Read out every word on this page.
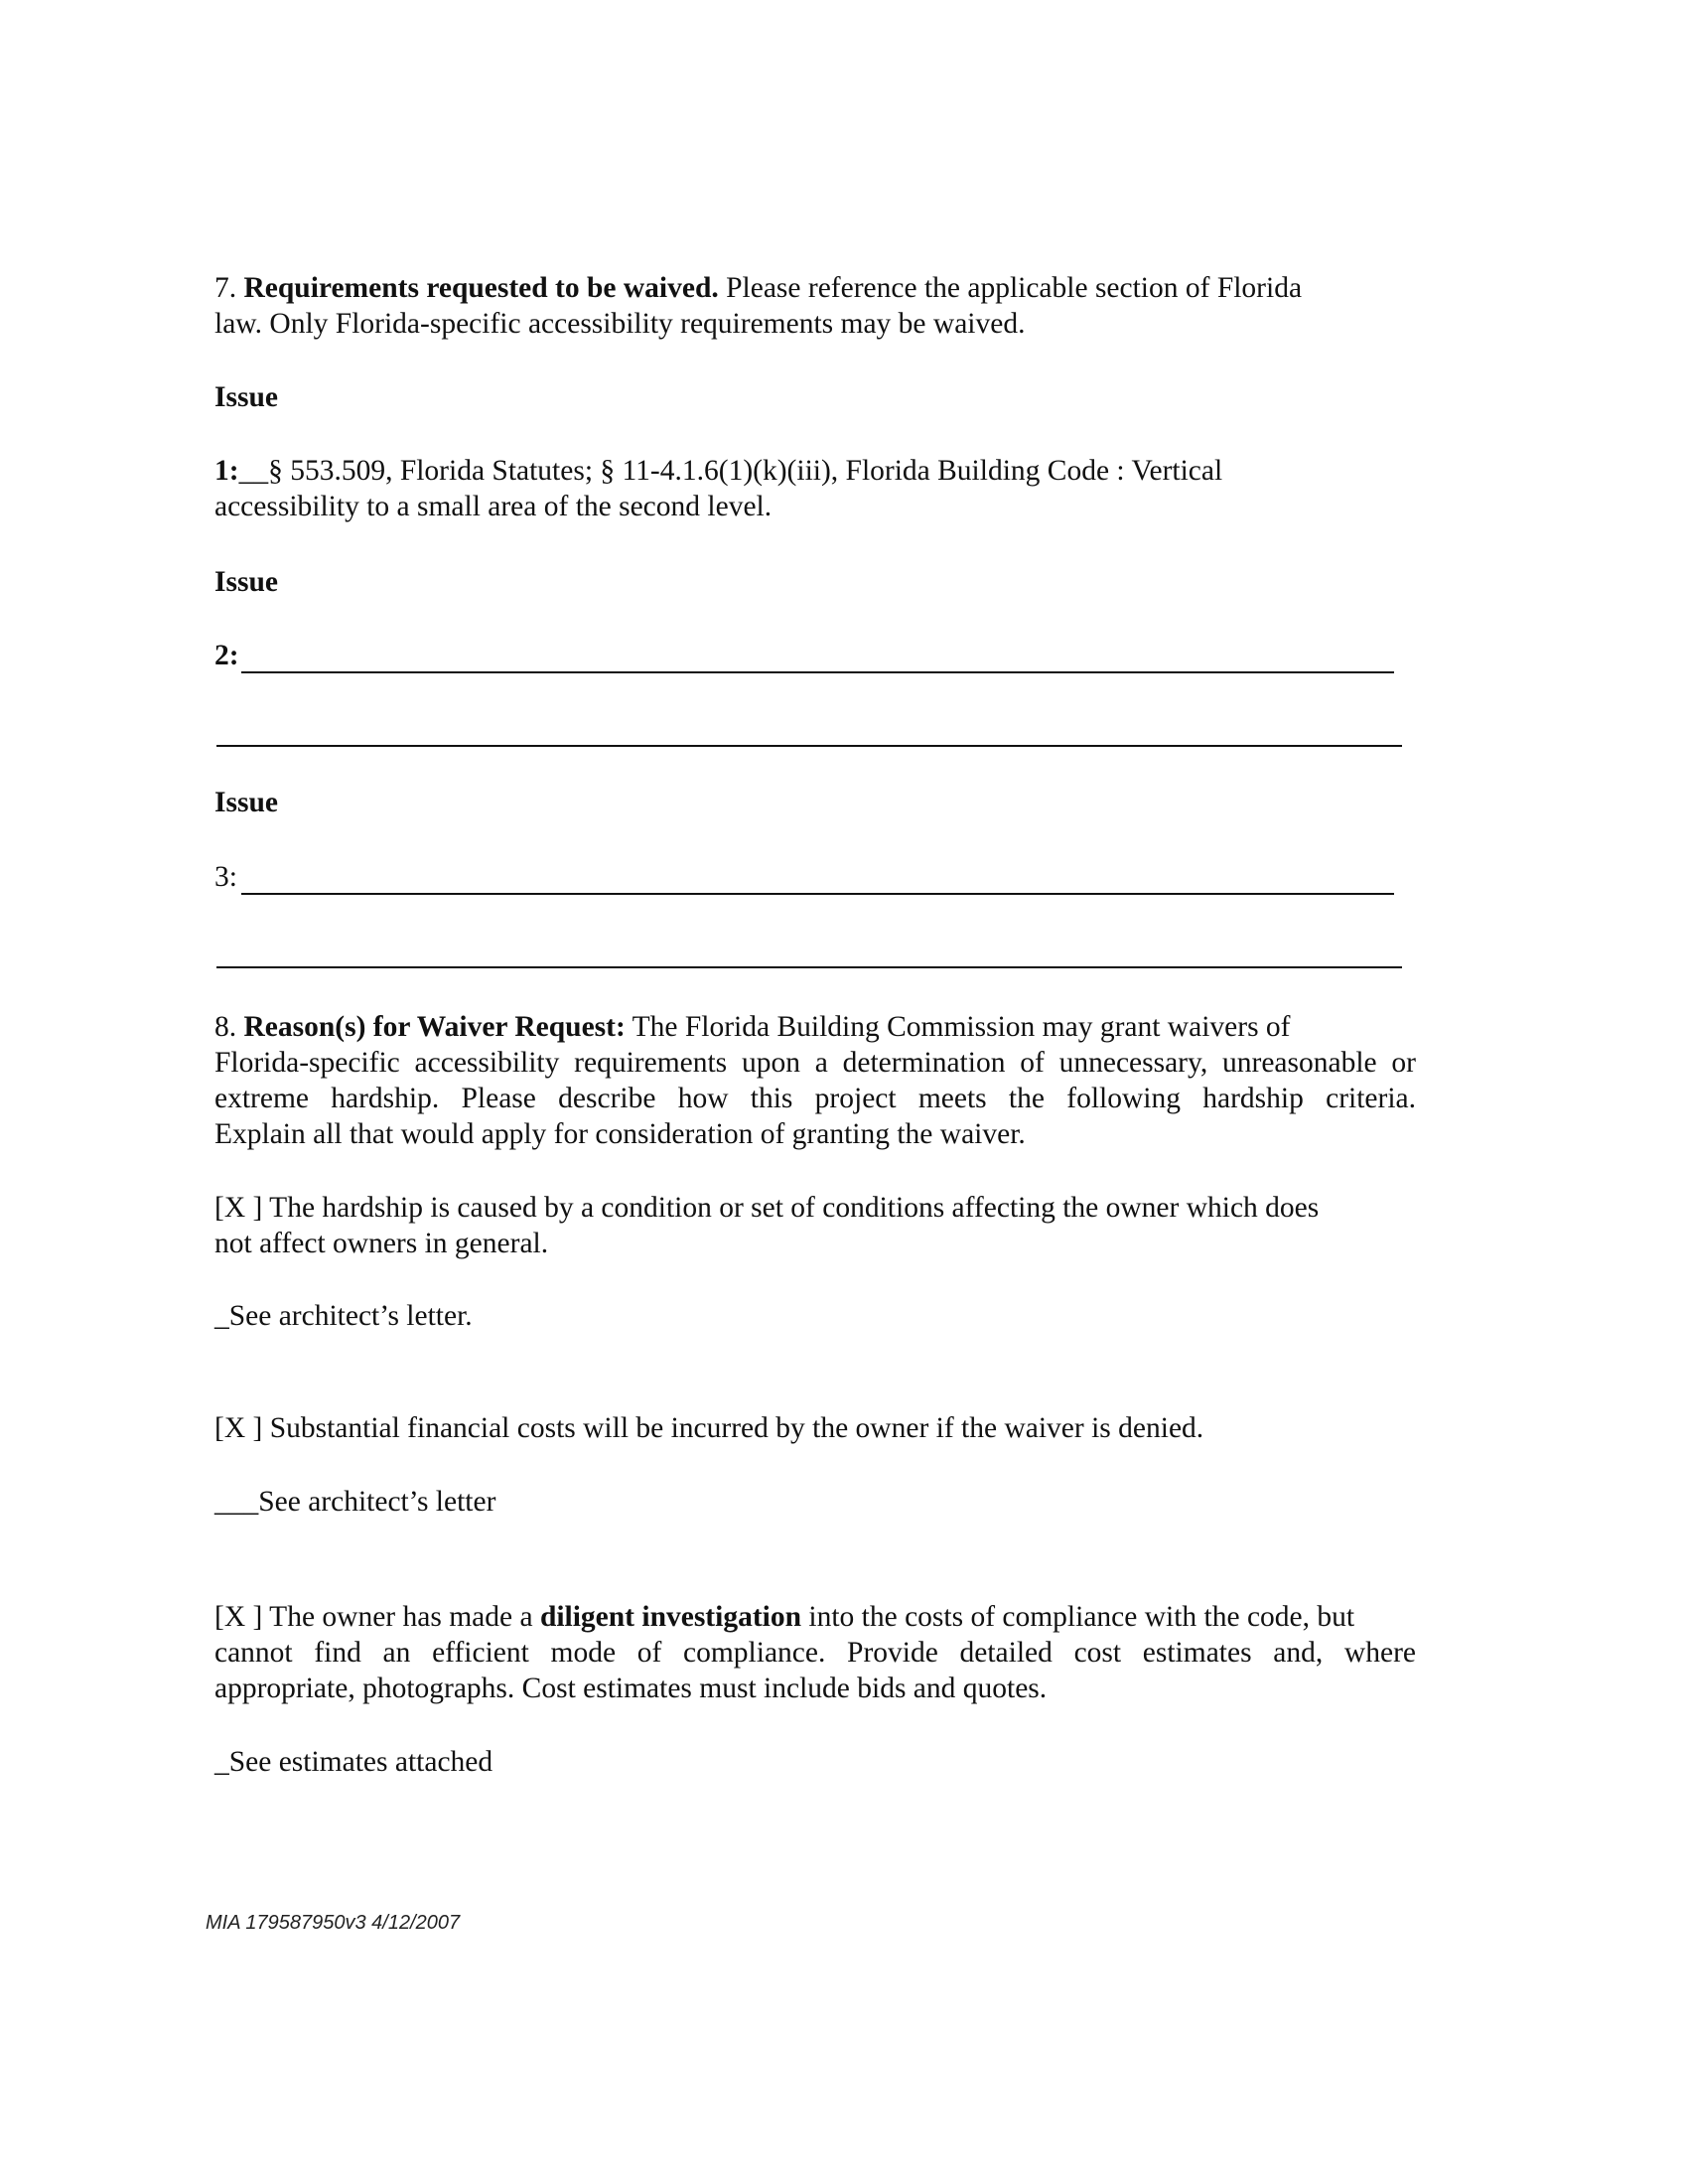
7. Requirements requested to be waived. Please reference the applicable section of Florida
law. Only Florida-specific accessibility requirements may be waived.
Issue
1:__§ 553.509, Florida Statutes; § 11-4.1.6(1)(k)(iii), Florida Building Code : Vertical
accessibility to a small area of the second level.
Issue
2:
Issue
3:
8. Reason(s) for Waiver Request: The Florida Building Commission may grant waivers of
Florida-specific accessibility requirements upon a determination of unnecessary, unreasonable or
extreme hardship. Please describe how this project meets the following hardship criteria.
Explain all that would apply for consideration of granting the waiver.
[X ] The hardship is caused by a condition or set of conditions affecting the owner which does
not affect owners in general.
_See architect’s letter.
[X ] Substantial financial costs will be incurred by the owner if the waiver is denied.
___See architect’s letter
[X ] The owner has made a diligent investigation into the costs of compliance with the code, but
cannot find an efficient mode of compliance. Provide detailed cost estimates and, where
appropriate, photographs. Cost estimates must include bids and quotes.
_See estimates attached
MIA 179587950v3 4/12/2007
